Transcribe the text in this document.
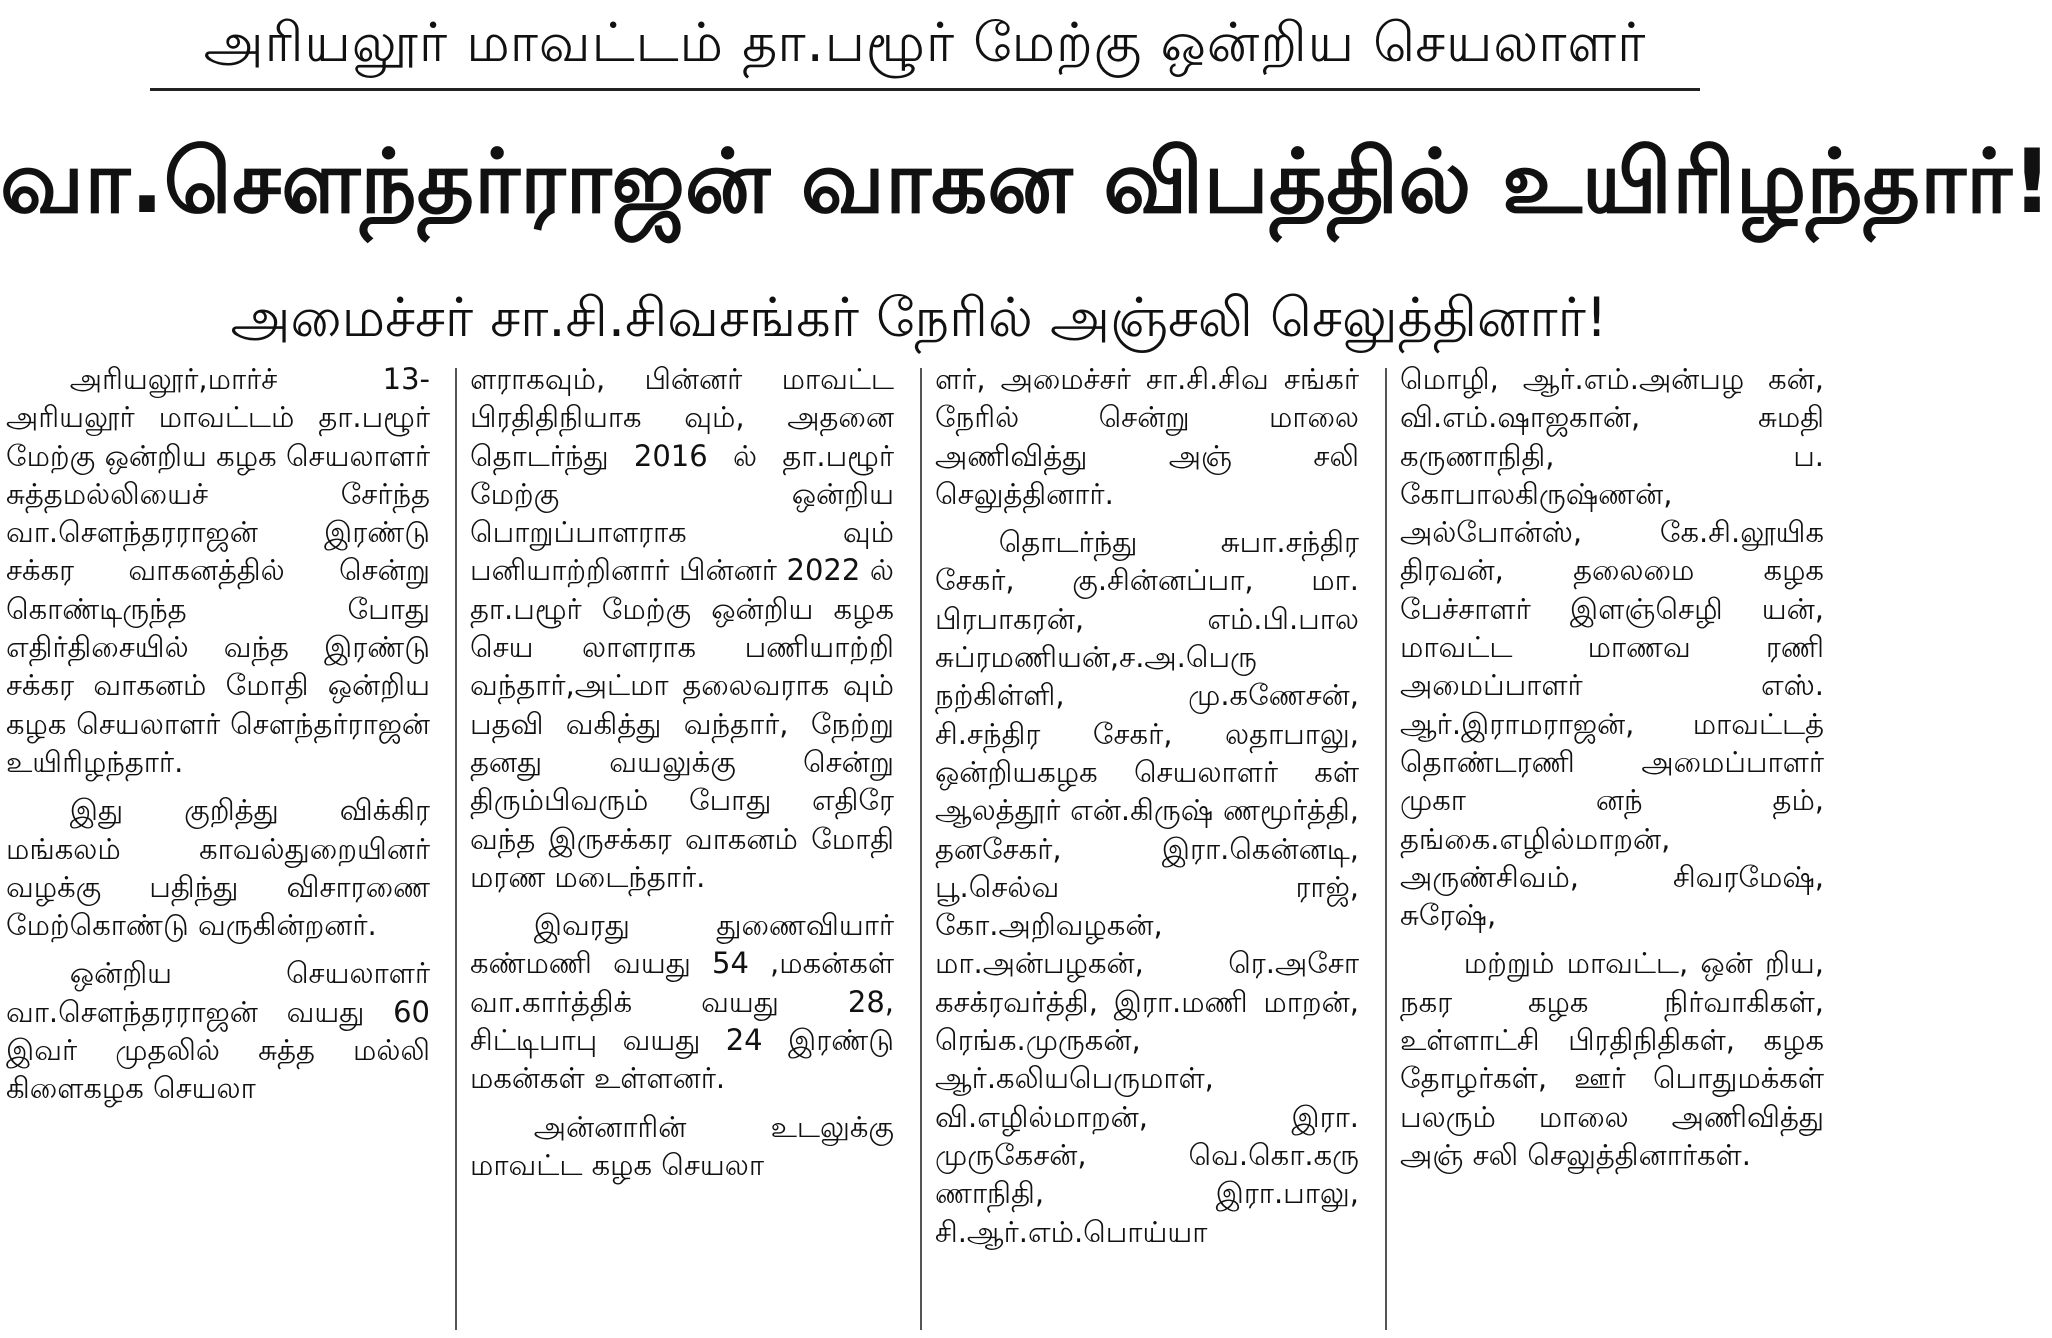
அரியலூர் மாவட்டம் தா.பழூர் மேற்கு ஒன்றிய செயலாளர்
வா.சௌந்தர்ராஜன் வாகன விபத்தில் உயிரிழந்தார்!
அமைச்சர் சா.சி.சிவசங்கர் நேரில் அஞ்சலி செலுத்தினார்!

அரியலூர்,மார்ச் 13- அரியலூர் மாவட்டம் தா.பழூர் மேற்கு ஒன்றிய கழக செயலாளர் சுத்தமல்லியைச் சேர்ந்த வா.சௌந்தரராஜன் இரண்டு சக்கர வாகனத்தில் சென்று கொண்டிருந்த போது எதிர்திசையில் வந்த இரண்டு சக்கர வாகனம் மோதி ஒன்றிய கழக செயலாளர் சௌந்தர்ராஜன் உயிரிழந்தார்.

இது குறித்து விக்கிர மங்கலம் காவல்துறையினர் வழக்கு பதிந்து விசாரணை மேற்கொண்டு வருகின்றனர்.

ஒன்றிய செயலாளர் வா.சௌந்தரராஜன் வயது 60 இவர் முதலில் சுத்த மல்லி கிளைகழக செயலா

ளராகவும், பின்னர் மாவட்ட பிரதிதிநியாக வும், அதனை தொடர்ந்து 2016 ல் தா.பழூர் மேற்கு ஒன்றிய பொறுப்பாளராக வும் பனியாற்றினார் பின்னர் 2022 ல் தா.பழூர் மேற்கு ஒன்றிய கழக செய லாளராக பணியாற்றி வந்தார்,அட்மா தலைவராக வும் பதவி வகித்து வந்தார், நேற்று தனது வயலுக்கு சென்று திரும்பிவரும் போது எதிரே வந்த இருசக்கர வாகனம் மோதி மரண மடைந்தார்.

இவரது துணைவியார் கண்மணி வயது 54 ,மகன்கள் வா.கார்த்திக் வயது 28, சிட்டிபாபு வயது 24 இரண்டு மகன்கள் உள்ளனர்.

அன்னாரின் உடலுக்கு மாவட்ட கழக செயலா

ளர், அமைச்சர் சா.சி.சிவ சங்கர் நேரில் சென்று மாலை அணிவித்து அஞ் சலி செலுத்தினார்.

தொடர்ந்து சுபா.சந்திர சேகர், கு.சின்னப்பா, மா. பிரபாகரன், எம்.பி.பால சுப்ரமணியன்,ச.அ.பெரு நற்கிள்ளி, மு.கணேசன், சி.சந்திர சேகர், லதாபாலு, ஒன்றியகழக செயலாளர் கள் ஆலத்தூர் என்.கிருஷ் ணமூர்த்தி, தனசேகர், இரா.கென்னடி, பூ.செல்வ ராஜ், கோ.அறிவழகன், மா.அன்பழகன், ரெ.அசோ கசக்ரவர்த்தி, இரா.மணி மாறன், ரெங்க.முருகன், ஆர்.கலியபெருமாள், வி.எழில்மாறன், இரா. முருகேசன், வெ.கொ.கரு ணாநிதி, இரா.பாலு, சி.ஆர்.எம்.பொய்யா

மொழி, ஆர்.எம்.அன்பழ கன், வி.எம்.ஷாஜகான், சுமதி கருணாநிதி, ப. கோபாலகிருஷ்ணன், அல்போன்ஸ், கே.சி.லூயிக திரவன், தலைமை கழக பேச்சாளர் இளஞ்செழி யன், மாவட்ட மாணவ ரணி அமைப்பாளர் எஸ். ஆர்.இராமராஜன், மாவட்டத் தொண்டரணி அமைப்பாளர் முகா னந் தம், தங்கை.எழில்மாறன், அருண்சிவம், சிவரமேஷ், சுரேஷ்,

மற்றும் மாவட்ட, ஒன் றிய, நகர கழக நிர்வாகிகள், உள்ளாட்சி பிரதிநிதிகள், கழக தோழர்கள், ஊர் பொதுமக்கள் பலரும் மாலை அணிவித்து அஞ் சலி செலுத்தினார்கள்.
